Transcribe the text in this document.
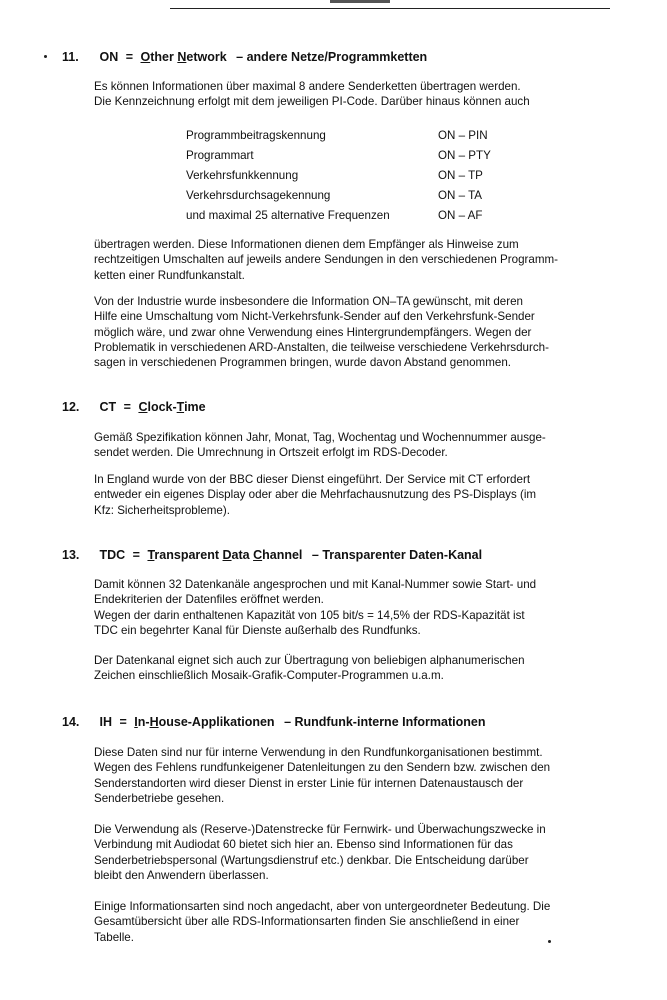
11. ON = Other Network – andere Netze/Programmketten
Es können Informationen über maximal 8 andere Senderketten übertragen werden.
Die Kennzeichnung erfolgt mit dem jeweiligen PI-Code. Darüber hinaus können auch
Programmbeitragskennung	ON – PIN
Programmart	ON – PTY
Verkehrsfunkkennung	ON – TP
Verkehrsdurchsagekennung	ON – TA
und maximal 25 alternative Frequenzen	ON – AF
übertragen werden. Diese Informationen dienen dem Empfänger als Hinweise zum
rechtzeitigen Umschalten auf jeweils andere Sendungen in den verschiedenen Programm-
ketten einer Rundfunkanstalt.
Von der Industrie wurde insbesondere die Information ON–TA gewünscht, mit deren
Hilfe eine Umschaltung vom Nicht-Verkehrsfunk-Sender auf den Verkehrsfunk-Sender
möglich wäre, und zwar ohne Verwendung eines Hintergrundempfängers. Wegen der
Problematik in verschiedenen ARD-Anstalten, die teilweise verschiedene Verkehrsdurch-
sagen in verschiedenen Programmen bringen, wurde davon Abstand genommen.
12. CT = Clock-Time
Gemäß Spezifikation können Jahr, Monat, Tag, Wochentag und Wochennummer ausge-
sendet werden. Die Umrechnung in Ortszeit erfolgt im RDS-Decoder.
In England wurde von der BBC dieser Dienst eingeführt. Der Service mit CT erfordert
entweder ein eigenes Display oder aber die Mehrfachausnutzung des PS-Displays (im
Kfz: Sicherheitsprobleme).
13. TDC = Transparent Data Channel – Transparenter Daten-Kanal
Damit können 32 Datenkanäle angesprochen und mit Kanal-Nummer sowie Start- und
Endekriterien der Datenfiles eröffnet werden.
Wegen der darin enthaltenen Kapazität von 105 bit/s = 14,5% der RDS-Kapazität ist
TDC ein begehrter Kanal für Dienste außerhalb des Rundfunks.
Der Datenkanal eignet sich auch zur Übertragung von beliebigen alphanumerischen
Zeichen einschließlich Mosaik-Grafik-Computer-Programmen u.a.m.
14. IH = In-House-Applikationen – Rundfunk-interne Informationen
Diese Daten sind nur für interne Verwendung in den Rundfunkorganisationen bestimmt.
Wegen des Fehlens rundfunkeigener Datenleitungen zu den Sendern bzw. zwischen den
Senderstandorten wird dieser Dienst in erster Linie für internen Datenaustausch der
Senderbetriebe gesehen.
Die Verwendung als (Reserve-)Datenstrecke für Fernwirk- und Überwachungszwecke in
Verbindung mit Audiodat 60 bietet sich hier an. Ebenso sind Informationen für das
Senderbetriebspersonal (Wartungsdienstruf etc.) denkbar. Die Entscheidung darüber
bleibt den Anwendern überlassen.
Einige Informationsarten sind noch angedacht, aber von untergeordneter Bedeutung. Die
Gesamtübersicht über alle RDS-Informationsarten finden Sie anschließend in einer
Tabelle.
